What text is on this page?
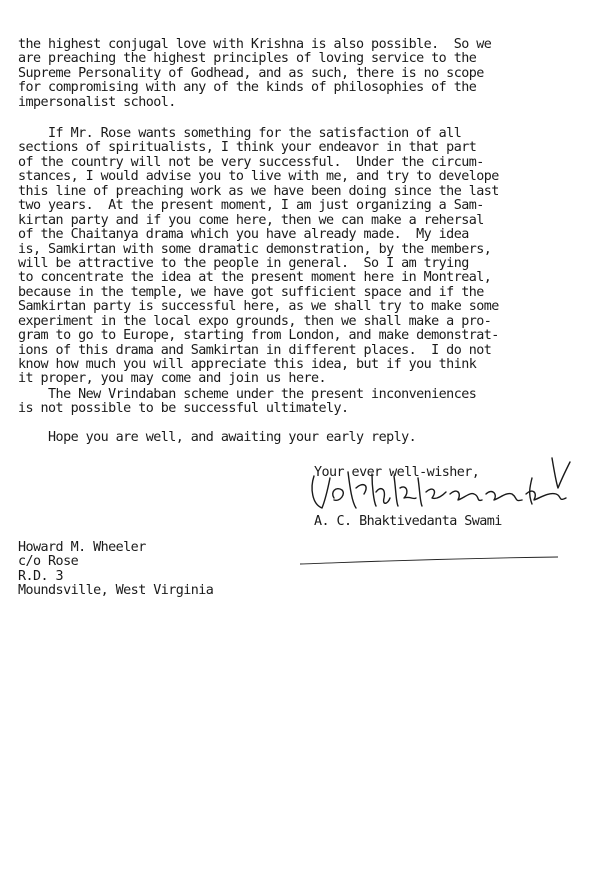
the highest conjugal love with Krishna is also possible.  So we
are preaching the highest principles of loving service to the
Supreme Personality of Godhead, and as such, there is no scope
for compromising with any of the kinds of philosophies of the
impersonalist school.
If Mr. Rose wants something for the satisfaction of all
sections of spiritualists, I think your endeavor in that part
of the country will not be very successful.  Under the circum-
stances, I would advise you to live with me, and try to develope
this line of preaching work as we have been doing since the last
two years.  At the present moment, I am just organizing a Sam-
kirtan party and if you come here, then we can make a rehersal
of the Chaitanya drama which you have already made.  My idea
is, Samkirtan with some dramatic demonstration, by the members,
will be attractive to the people in general.  So I am trying
to concentrate the idea at the present moment here in Montreal,
because in the temple, we have got sufficient space and if the
Samkirtan party is successful here, as we shall try to make some
experiment in the local expo grounds, then we shall make a pro-
gram to go to Europe, starting from London, and make demonstrat-
ions of this drama and Samkirtan in different places.  I do not
know how much you will appreciate this idea, but if you think
it proper, you may come and join us here.
The New Vrindaban scheme under the present inconveniences
is not possible to be successful ultimately.
Hope you are well, and awaiting your early reply.
Your ever well-wisher,
A. C. Bhaktivedanta Swami
Howard M. Wheeler
c/o Rose
R.D. 3
Moundsville, West Virginia
